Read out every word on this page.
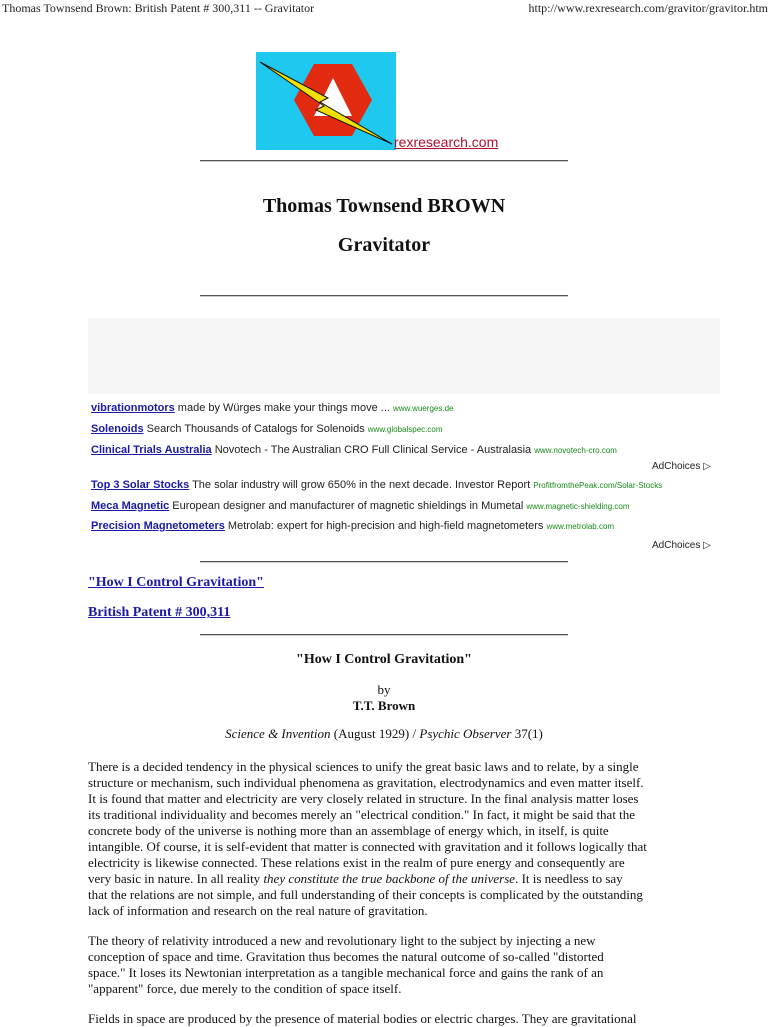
Thomas Townsend Brown: British Patent # 300,311 -- Gravitator	http://www.rexresearch.com/gravitor/gravitor.htm
rexresearch.com
Thomas Townsend BROWN
Gravitator
vibrationmotors made by Würges make your things move ... www.wuerges.de
Solenoids Search Thousands of Catalogs for Solenoids www.globalspec.com
Clinical Trials Australia Novotech - The Australian CRO Full Clinical Service - Australasia www.novotech-cro.com
AdChoices ▷
Top 3 Solar Stocks The solar industry will grow 650% in the next decade. Investor Report ProfitfromthePeak.com/Solar-Stocks
Meca Magnetic European designer and manufacturer of magnetic shieldings in Mumetal www.magnetic-shielding.com
Precision Magnetometers Metrolab: expert for high-precision and high-field magnetometers www.metrolab.com
AdChoices ▷
"How I Control Gravitation"
British Patent # 300,311
"How I Control Gravitation"
by
T.T. Brown
Science & Invention (August 1929) / Psychic Observer 37(1)
There is a decided tendency in the physical sciences to unify the great basic laws and to relate, by a single
structure or mechanism, such individual phenomena as gravitation, electrodynamics and even matter itself.
It is found that matter and electricity are very closely related in structure. In the final analysis matter loses
its traditional individuality and becomes merely an "electrical condition." In fact, it might be said that the
concrete body of the universe is nothing more than an assemblage of energy which, in itself, is quite
intangible. Of course, it is self-evident that matter is connected with gravitation and it follows logically that
electricity is likewise connected. These relations exist in the realm of pure energy and consequently are
very basic in nature. In all reality they constitute the true backbone of the universe. It is needless to say
that the relations are not simple, and full understanding of their concepts is complicated by the outstanding
lack of information and research on the real nature of gravitation.
The theory of relativity introduced a new and revolutionary light to the subject by injecting a new
conception of space and time. Gravitation thus becomes the natural outcome of so-called "distorted
space." It loses its Newtonian interpretation as a tangible mechanical force and gains the rank of an
"apparent" force, due merely to the condition of space itself.
Fields in space are produced by the presence of material bodies or electric charges. They are gravitational
